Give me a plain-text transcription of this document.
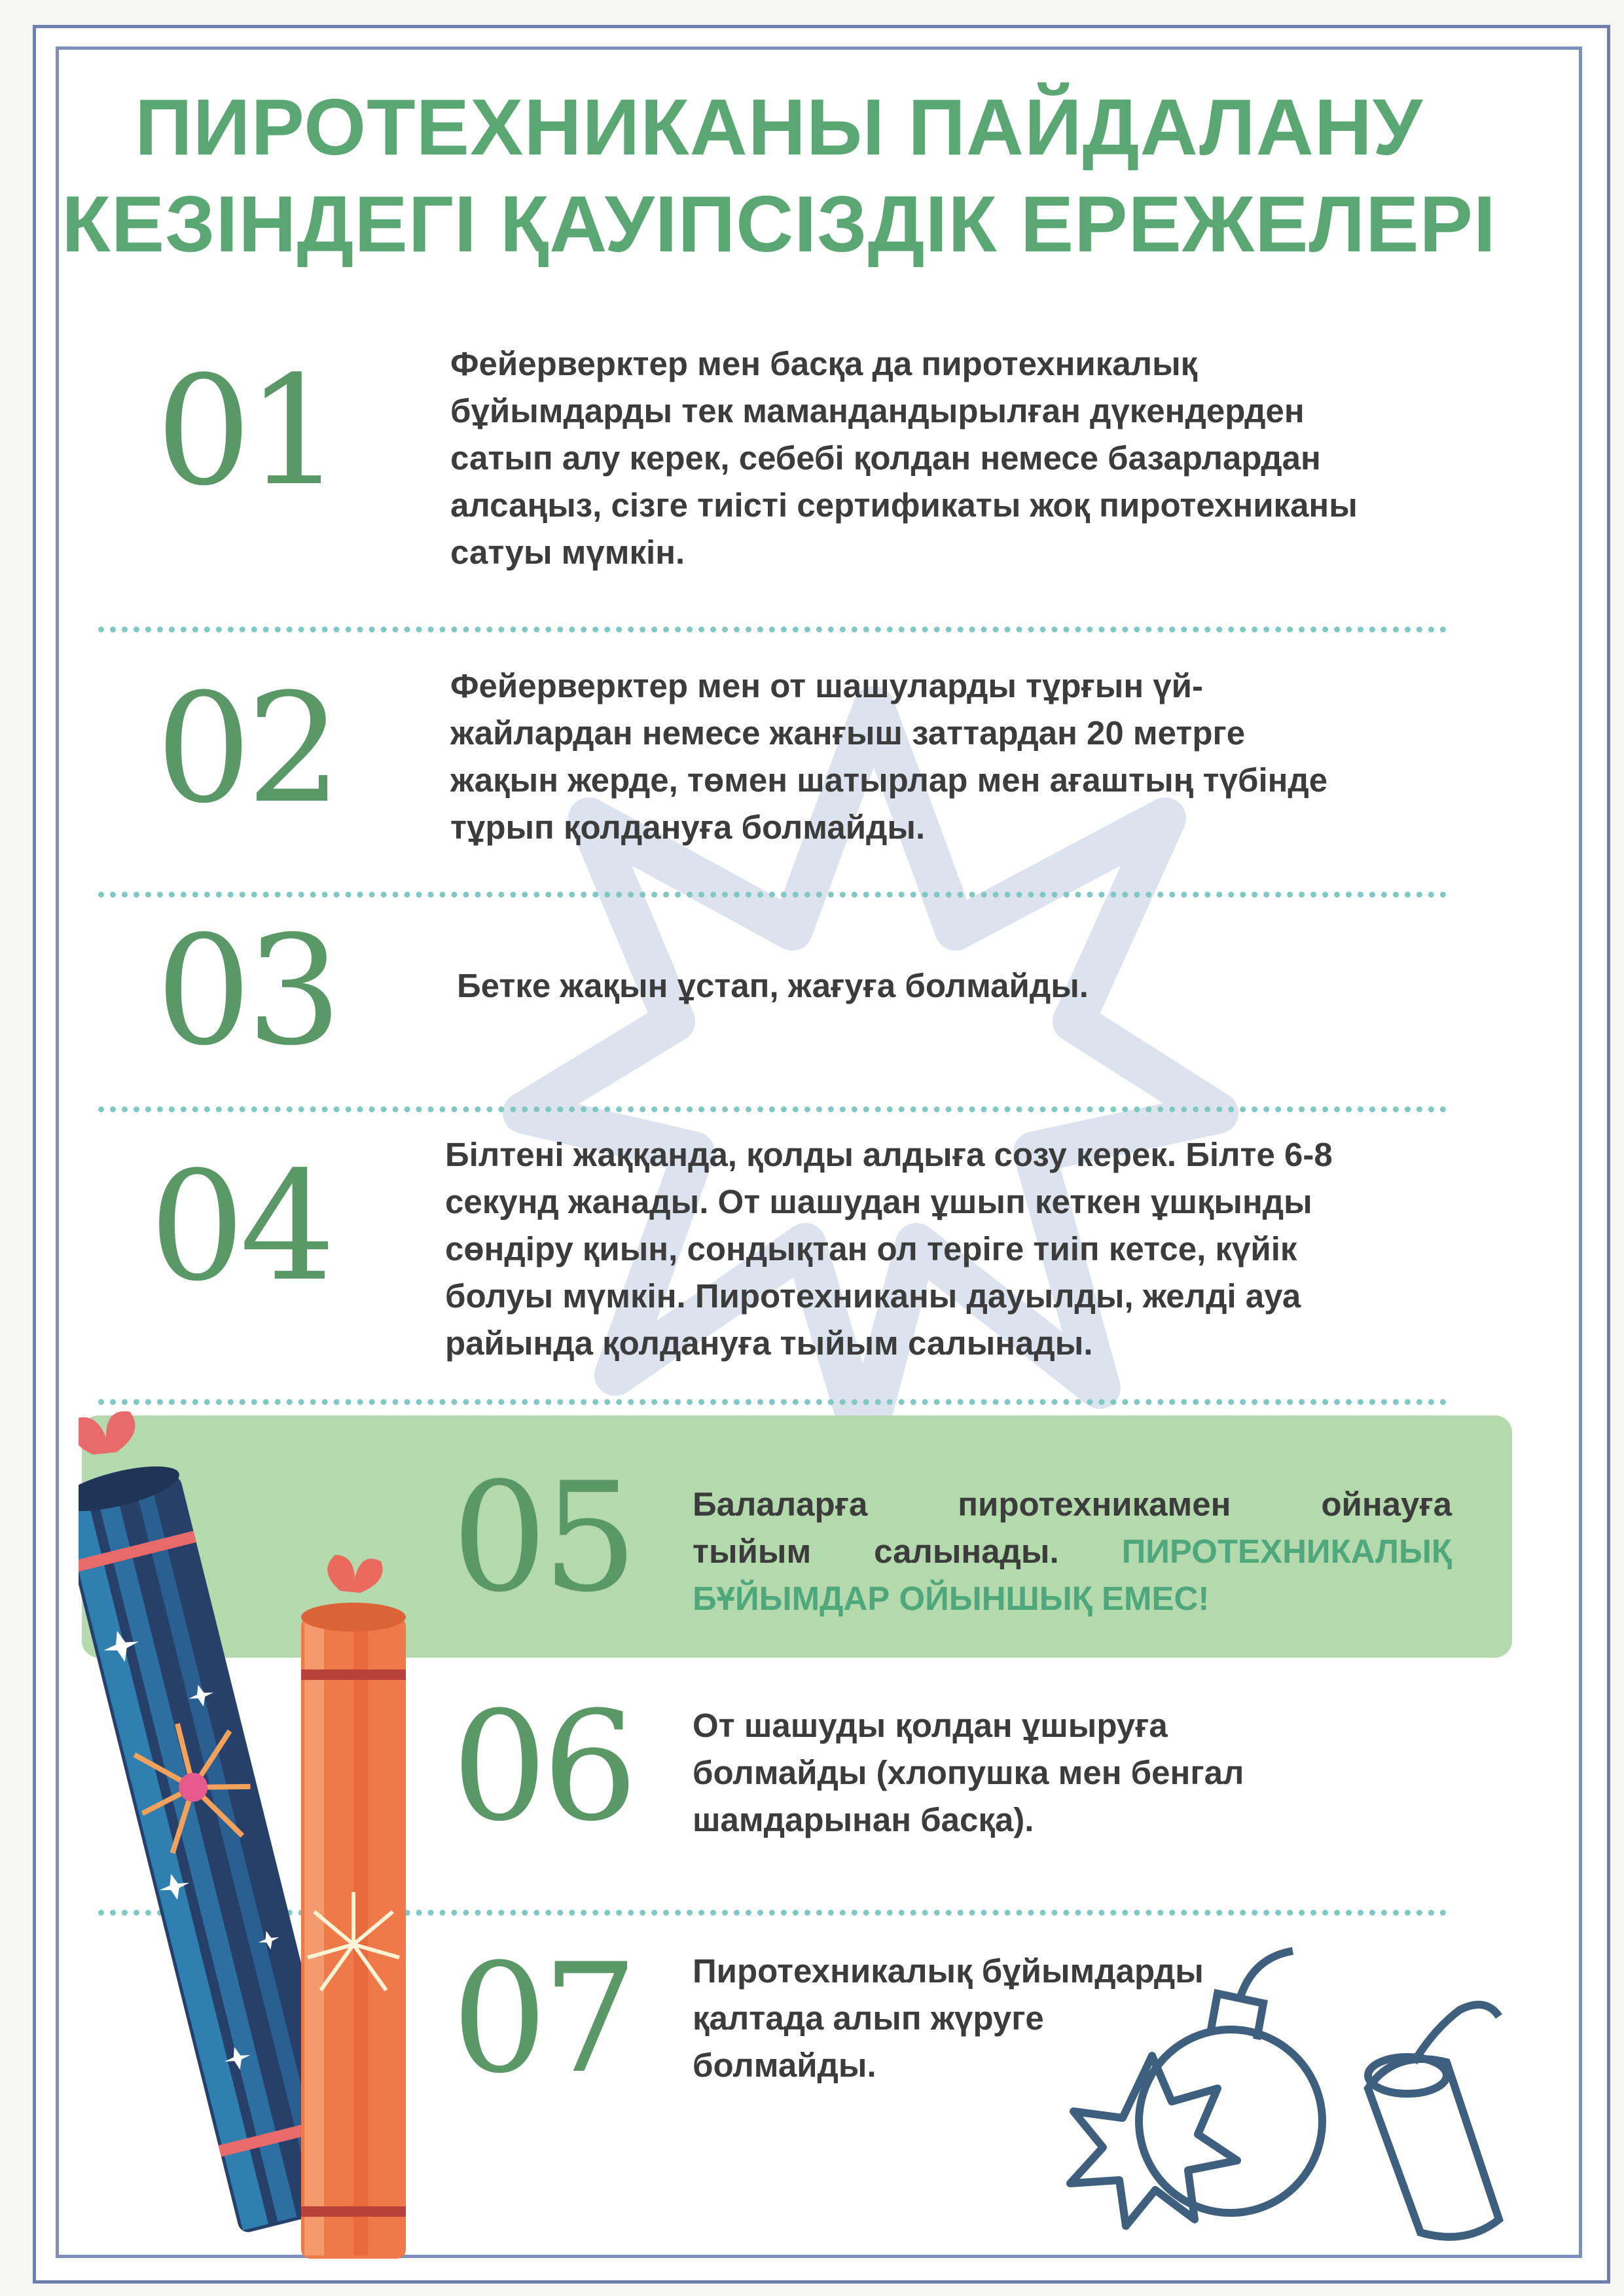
ПИРОТЕХНИКАНЫ ПАЙДАЛАНУ
КЕЗІНДЕГІ ҚАУІПСІЗДІК ЕРЕЖЕЛЕРІ
01	Фейерверктер мен басқа да пиротехникалық
бұйымдарды тек мамандандырылған дүкендерден
сатып алу керек, себебі қолдан немесе базарлардан
алсаңыз, сізге тиісті сертификаты жоқ пиротехниканы
сатуы мүмкін.
02	Фейерверктер мен от шашуларды тұрғын үй-
жайлардан немесе жанғыш заттардан 20 метрге
жақын жерде, төмен шатырлар мен ағаштың түбінде
тұрып қолдануға болмайды.
03	Бетке жақын ұстап, жағуға болмайды.
04	Білтені жаққанда, қолды алдыға созу керек. Білте 6-8
секунд жанады. От шашудан ұшып кеткен ұшқынды
сөндіру қиын, сондықтан ол теріге тиіп кетсе, күйік
болуы мүмкін. Пиротехниканы дауылды, желді ауа
райында қолдануға тыйым салынады.
05 Балаларға пиротехникамен ойнауға
тыйым салынады. ПИРОТЕХНИКАЛЫҚ
БҰЙЫМДАР ОЙЫНШЫҚ ЕМЕС!
06 От шашуды қолдан ұшыруға
болмайды (хлопушка мен бенгал
шамдарынан басқа).
07 Пиротехникалық бұйымдарды
қалтада алып жүруге
болмайды.
